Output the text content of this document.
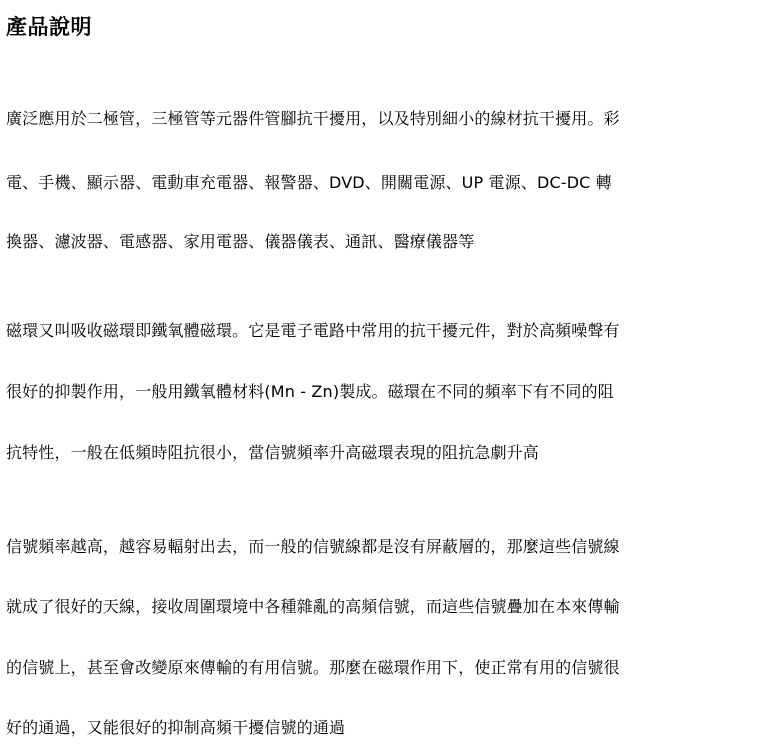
產品說明

廣泛應用於二極管，三極管等元器件管腳抗干擾用，以及特別細小的線材抗干擾用。彩

電、手機、顯示器、電動車充電器、報警器、DVD、開關電源、UP 電源、DC-DC 轉

換器、濾波器、電感器、家用電器、儀器儀表、通訊、醫療儀器等

磁環又叫吸收磁環即鐵氧體磁環。它是電子電路中常用的抗干擾元件，對於高頻噪聲有

很好的抑製作用，一般用鐵氧體材料(Mn - Zn)製成。磁環在不同的頻率下有不同的阻

抗特性，一般在低頻時阻抗很小，當信號頻率升高磁環表現的阻抗急劇升高

信號頻率越高，越容易輻射出去，而一般的信號線都是沒有屏蔽層的，那麼這些信號線

就成了很好的天線，接收周圍環境中各種雜亂的高頻信號，而這些信號疊加在本來傳輸

的信號上，甚至會改變原來傳輸的有用信號。那麼在磁環作用下，使正常有用的信號很

好的通過，又能很好的抑制高頻干擾信號的通過
